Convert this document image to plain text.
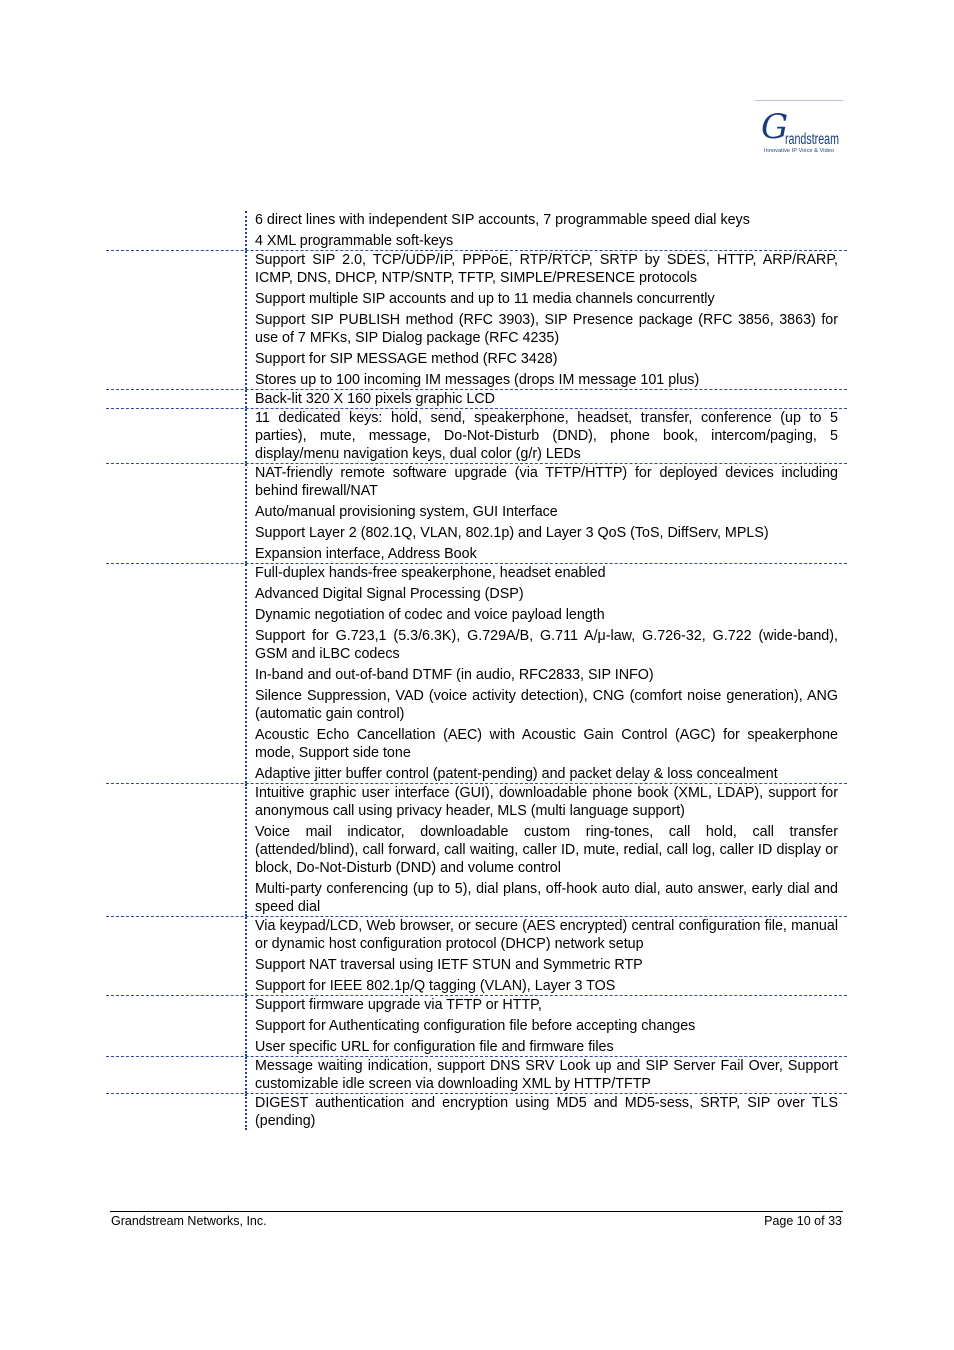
G
randstream
Innovative IP Voice & Video
6 direct lines with independent SIP accounts, 7 programmable speed dial keys
4 XML programmable soft-keys
Support SIP 2.0, TCP/UDP/IP, PPPoE, RTP/RTCP, SRTP by SDES, HTTP, ARP/RARP, ICMP, DNS, DHCP, NTP/SNTP, TFTP, SIMPLE/PRESENCE protocols
Support multiple SIP accounts and up to 11 media channels concurrently
Support SIP PUBLISH method (RFC 3903), SIP Presence package (RFC 3856, 3863) for use of 7 MFKs, SIP Dialog package (RFC 4235)
Support for SIP MESSAGE method (RFC 3428)
Stores up to 100 incoming IM messages (drops IM message 101 plus)
Back-lit 320 X 160 pixels graphic LCD
11 dedicated keys: hold, send, speakerphone, headset, transfer, conference (up to 5 parties), mute, message, Do-Not-Disturb (DND), phone book, intercom/paging, 5 display/menu navigation keys, dual color (g/r) LEDs
NAT-friendly remote software upgrade (via TFTP/HTTP) for deployed devices including behind firewall/NAT
Auto/manual provisioning system, GUI Interface
Support Layer 2 (802.1Q, VLAN, 802.1p) and Layer 3 QoS (ToS, DiffServ, MPLS)
Expansion interface, Address Book
Full-duplex hands-free speakerphone, headset enabled
Advanced Digital Signal Processing (DSP)
Dynamic negotiation of codec and voice payload length
Support for G.723,1 (5.3/6.3K), G.729A/B, G.711 A/μ-law, G.726-32, G.722 (wide-band), GSM and iLBC codecs
In-band and out-of-band DTMF (in audio, RFC2833, SIP INFO)
Silence Suppression, VAD (voice activity detection), CNG (comfort noise generation), ANG (automatic gain control)
Acoustic Echo Cancellation (AEC) with Acoustic Gain Control (AGC) for speakerphone mode, Support side tone
Adaptive jitter buffer control (patent-pending) and packet delay & loss concealment
Intuitive graphic user interface (GUI), downloadable phone book (XML, LDAP), support for anonymous call using privacy header, MLS (multi language support)
Voice mail indicator, downloadable custom ring-tones, call hold, call transfer (attended/blind), call forward, call waiting, caller ID, mute, redial, call log, caller ID display or block, Do-Not-Disturb (DND) and volume control
Multi-party conferencing (up to 5), dial plans, off-hook auto dial, auto answer, early dial and speed dial
Via keypad/LCD, Web browser, or secure (AES encrypted) central configuration file, manual or dynamic host configuration protocol (DHCP) network setup
Support NAT traversal using IETF STUN and Symmetric RTP
Support for IEEE 802.1p/Q tagging (VLAN), Layer 3 TOS
Support firmware upgrade via TFTP or HTTP,
Support for Authenticating configuration file before accepting changes
User specific URL for configuration file and firmware files
Message waiting indication, support DNS SRV Look up and SIP Server Fail Over, Support customizable idle screen via downloading XML by HTTP/TFTP
DIGEST authentication and encryption using MD5 and MD5-sess, SRTP, SIP over TLS (pending)
Grandstream Networks, Inc.	Page 10 of 33
